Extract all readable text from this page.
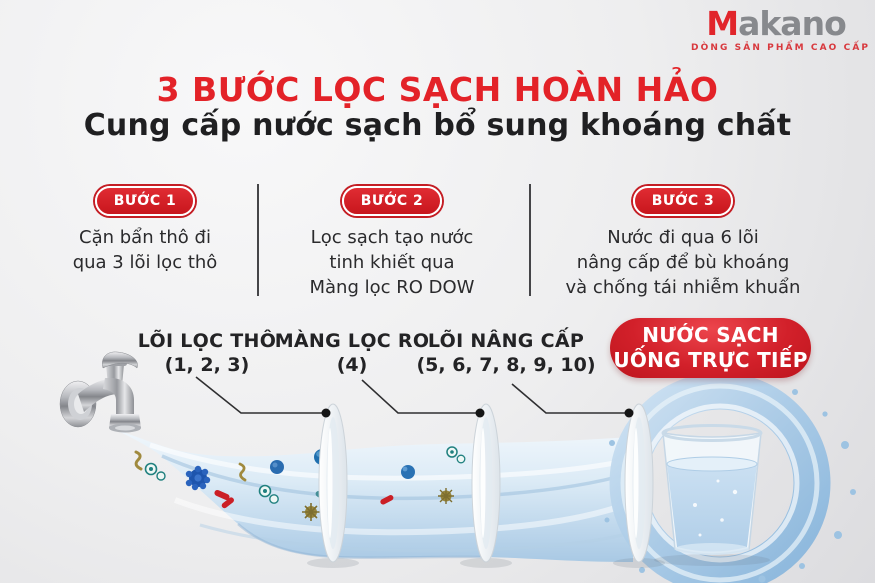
Makano
DÒNG SẢN PHẨM CAO CẤP
3 BƯỚC LỌC SẠCH HOÀN HẢO
Cung cấp nước sạch bổ sung khoáng chất
BƯỚC 1
Cặn bẩn thô đi
qua 3 lõi lọc thô
BƯỚC 2
Lọc sạch tạo nước
tinh khiết qua
Màng lọc RO DOW
BƯỚC 3
Nước đi qua 6 lõi
nâng cấp để bù khoáng
và chống tái nhiễm khuẩn
LÕI LỌC THÔ
(1, 2, 3)
MÀNG LỌC RO
(4)
LÕI NÂNG CẤP
(5, 6, 7, 8, 9, 10)
NƯỚC SẠCH
UỐNG TRỰC TIẾP
